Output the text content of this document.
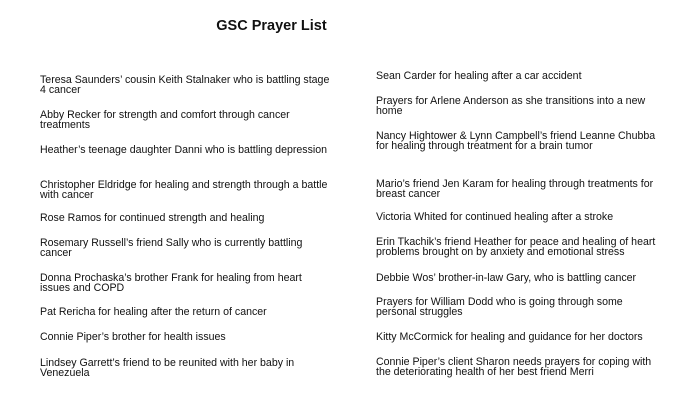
GSC Prayer List
Teresa Saunders’ cousin Keith Stalnaker who is battling stage 4 cancer
Abby Recker for strength and comfort through cancer treatments
Heather’s teenage daughter Danni who is battling depression
Christopher Eldridge for healing and strength through a battle with cancer
Rose Ramos for continued strength and healing
Rosemary Russell’s friend Sally who is currently battling cancer
Donna Prochaska’s brother Frank for healing from heart issues and COPD
Pat Rericha for healing after the return of cancer
Connie Piper’s brother for health issues
Lindsey Garrett’s friend to be reunited with her baby in Venezuela
Sean Carder for healing after a car accident
Prayers for Arlene Anderson as she transitions into a new home
Nancy Hightower & Lynn Campbell’s friend Leanne Chubba for healing through treatment for a brain tumor
Mario’s friend Jen Karam for healing through treatments for breast cancer
Victoria Whited for continued healing after a stroke
Erin Tkachik’s friend Heather for peace and healing of heart problems brought on by anxiety and emotional stress
Debbie Wos’ brother-in-law Gary, who is battling cancer
Prayers for William Dodd who is going through some personal struggles
Kitty McCormick for healing and guidance for her doctors
Connie Piper’s client Sharon needs prayers for coping with the deteriorating health of her best friend Merri
